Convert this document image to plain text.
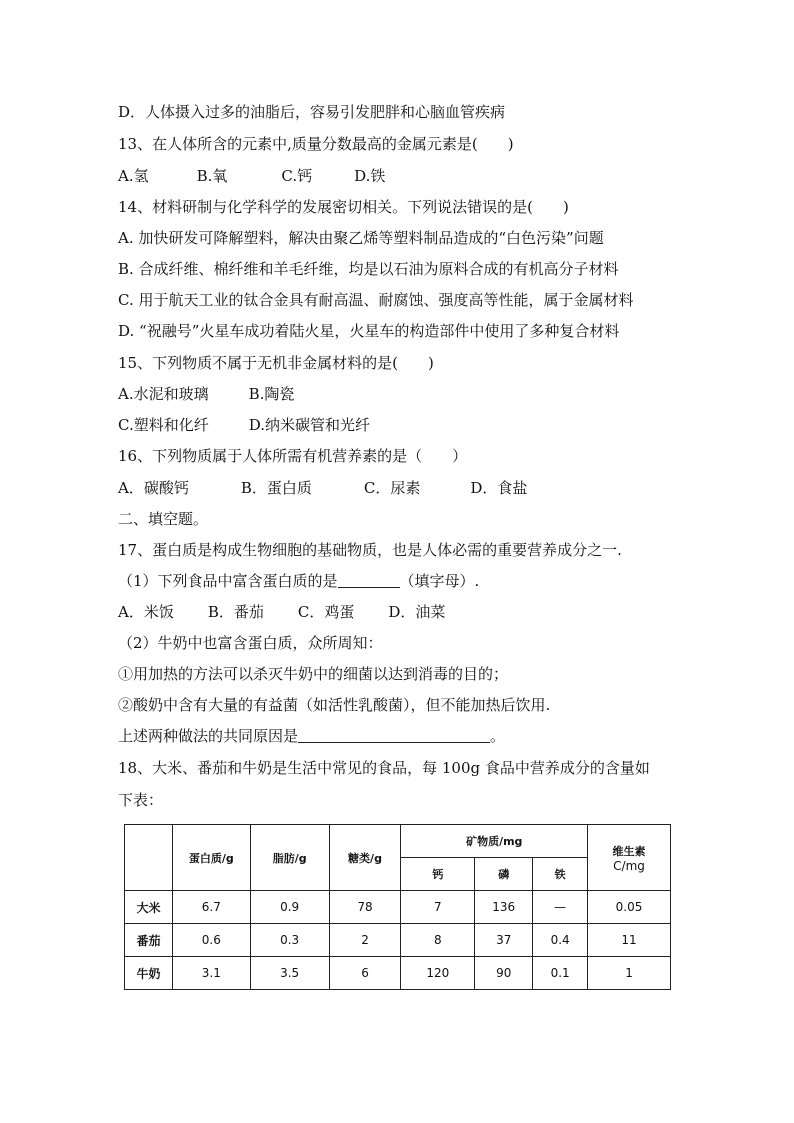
D．人体摄入过多的油脂后，容易引发肥胖和心脑血管疾病
13、在人体所含的元素中,质量分数最高的金属元素是(　　)
A.氢	B.氧	C.钙	D.铁
14、材料研制与化学科学的发展密切相关。下列说法错误的是(　　)
A. 加快研发可降解塑料，解决由聚乙烯等塑料制品造成的“白色污染”问题
B. 合成纤维、棉纤维和羊毛纤维，均是以石油为原料合成的有机高分子材料
C. 用于航天工业的钛合金具有耐高温、耐腐蚀、强度高等性能，属于金属材料
D. “祝融号”火星车成功着陆火星，火星车的构造部件中使用了多种复合材料
15、下列物质不属于无机非金属材料的是(　　)
A.水泥和玻璃	B.陶瓷
C.塑料和化纤	D.纳米碳管和光纤
16、下列物质属于人体所需有机营养素的是（　　）
A．碳酸钙	B．蛋白质	C．尿素	D．食盐
二、填空题。
17、蛋白质是构成生物细胞的基础物质，也是人体必需的重要营养成分之一.
（1）下列食品中富含蛋白质的是	（填字母）.
A．米饭 B．番茄 C．鸡蛋 D．油菜
（2）牛奶中也富含蛋白质，众所周知：
①用加热的方法可以杀灭牛奶中的细菌以达到消毒的目的；
②酸奶中含有大量的有益菌（如活性乳酸菌），但不能加热后饮用.
上述两种做法的共同原因是	。
18、大米、番茄和牛奶是生活中常见的食品，每 100g 食品中营养成分的含量如
下表：
	蛋白质/g	脂肪/g	糖类/g	矿物质/mg			维生素
C/mg

				钙	磷	铁	
大米	6.7	0.9	78	7	136	—	0.05
番茄	0.6	0.3	2	8	37	0.4	11
牛奶	3.1	3.5	6	120	90	0.1	1
